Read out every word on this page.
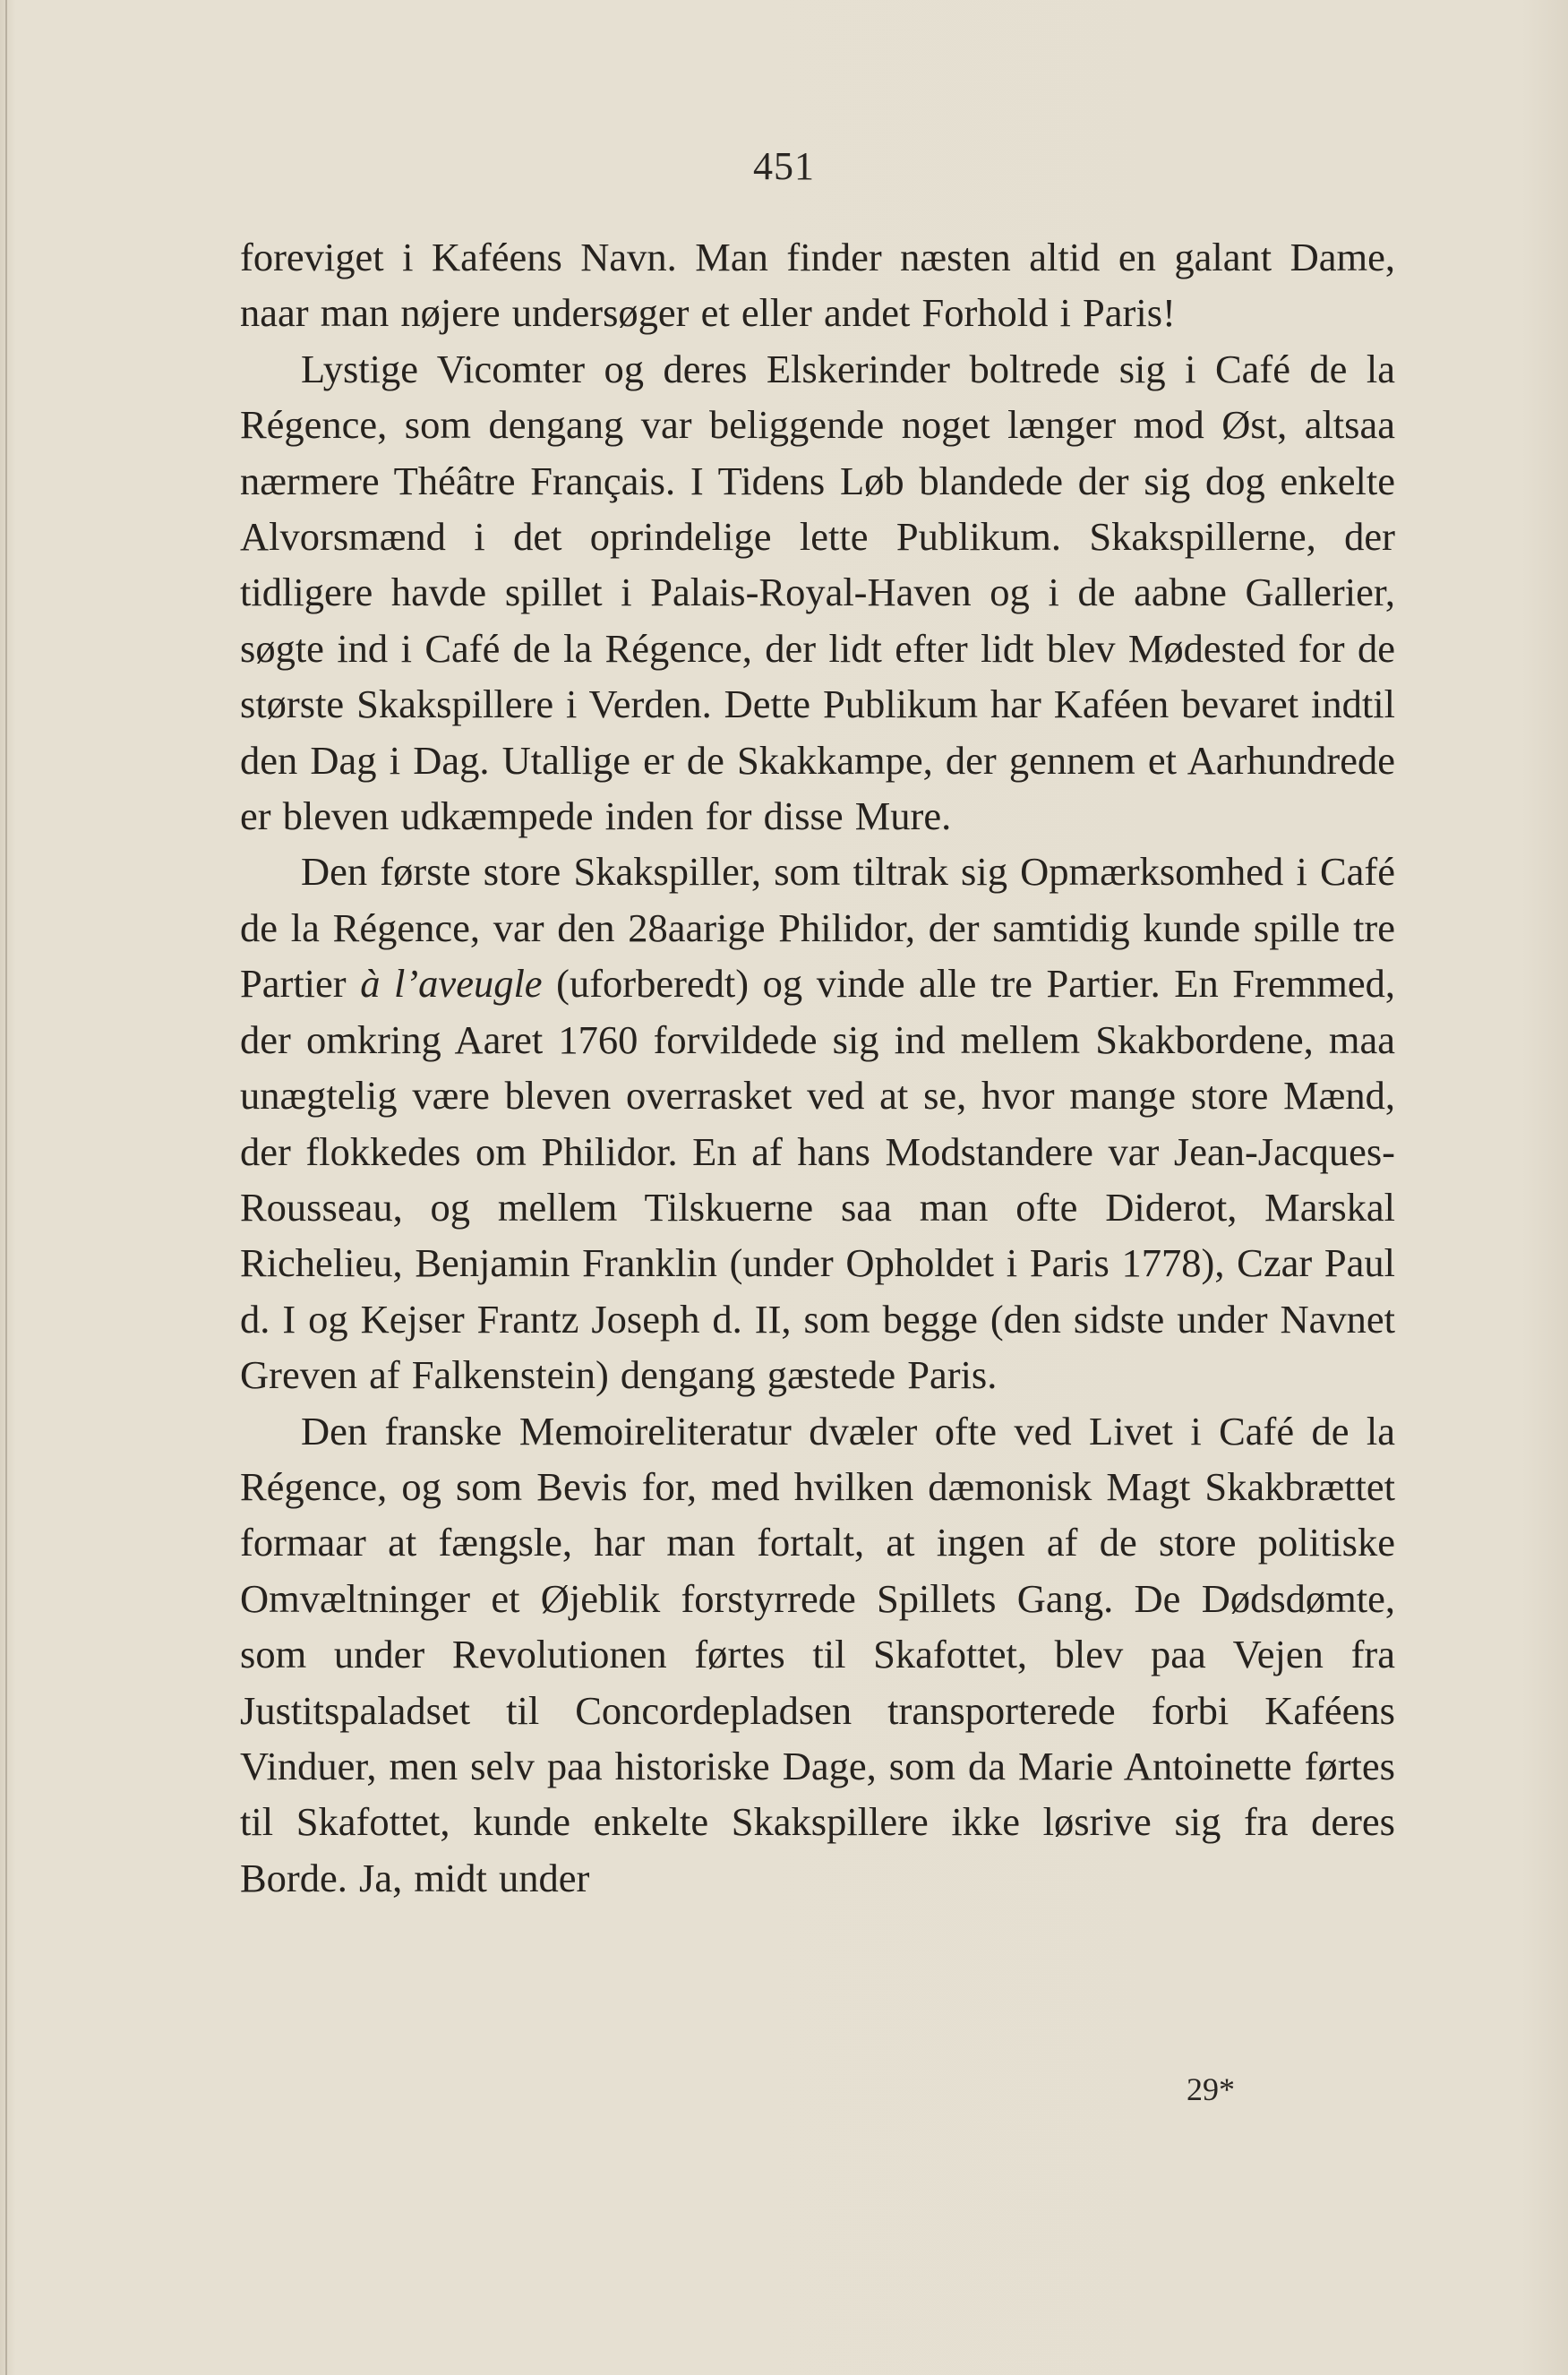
451

foreviget i Kaféens Navn. Man finder næsten altid en galant Dame, naar man nøjere undersøger et eller andet Forhold i Paris!

Lystige Vicomter og deres Elskerinder boltrede sig i Café de la Régence, som dengang var beliggende noget længer mod Øst, altsaa nærmere Théâtre Français. I Tidens Løb blandede der sig dog enkelte Alvorsmænd i det oprindelige lette Publikum. Skakspillerne, der tidligere havde spillet i Palais-Royal-Haven og i de aabne Gallerier, søgte ind i Café de la Régence, der lidt efter lidt blev Mødested for de største Skakspillere i Verden. Dette Publikum har Kaféen bevaret indtil den Dag i Dag. Utallige er de Skakkampe, der gennem et Aarhundrede er bleven udkæmpede inden for disse Mure.

Den første store Skakspiller, som tiltrak sig Opmærksomhed i Café de la Régence, var den 28aarige Philidor, der samtidig kunde spille tre Partier à l’aveugle (uforberedt) og vinde alle tre Partier. En Fremmed, der omkring Aaret 1760 forvildede sig ind mellem Skakbordene, maa unægtelig være bleven overrasket ved at se, hvor mange store Mænd, der flokkedes om Philidor. En af hans Modstandere var Jean-Jacques-Rousseau, og mellem Tilskuerne saa man ofte Diderot, Marskal Richelieu, Benjamin Franklin (under Opholdet i Paris 1778), Czar Paul d. I og Kejser Frantz Joseph d. II, som begge (den sidste under Navnet Greven af Falkenstein) dengang gæstede Paris.

Den franske Memoireliteratur dvæler ofte ved Livet i Café de la Régence, og som Bevis for, med hvilken dæmonisk Magt Skakbrættet formaar at fængsle, har man fortalt, at ingen af de store politiske Omvæltninger et Øjeblik forstyrrede Spillets Gang. De Dødsdømte, som under Revolutionen førtes til Skafottet, blev paa Vejen fra Justitspaladset til Concordepladsen transporterede forbi Kaféens Vinduer, men selv paa historiske Dage, som da Marie Antoinette førtes til Skafottet, kunde enkelte Skakspillere ikke løsrive sig fra deres Borde. Ja, midt under

29*
